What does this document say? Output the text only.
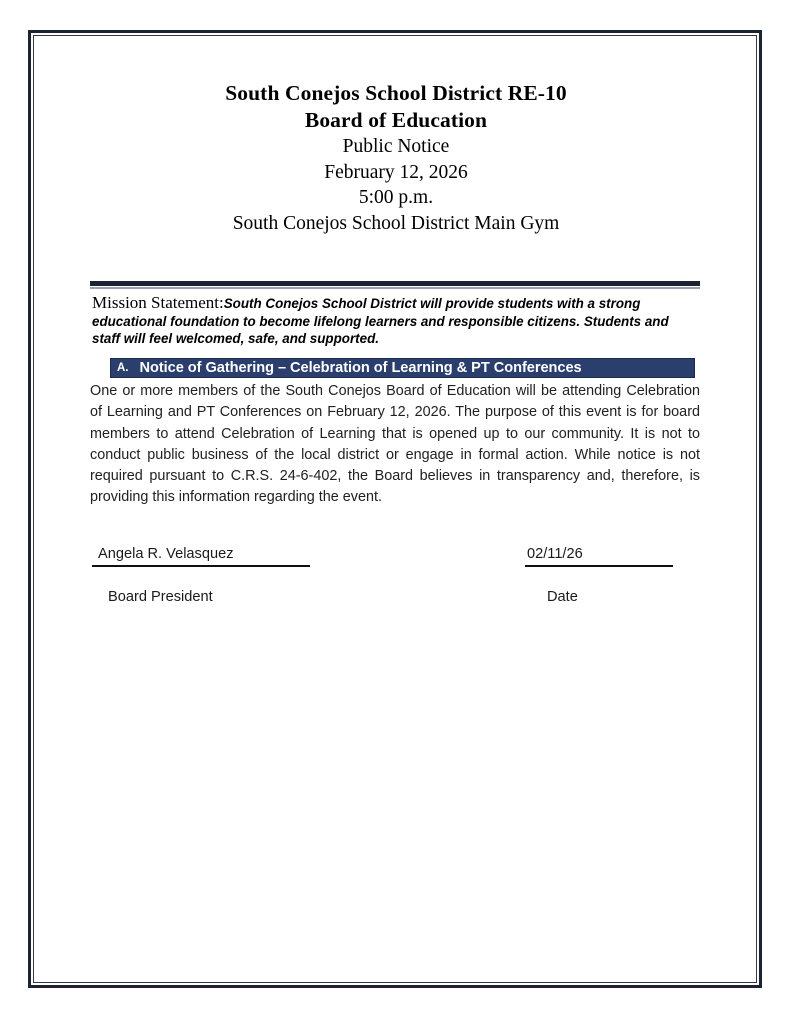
South Conejos School District RE-10
Board of Education
Public Notice
February 12, 2026
5:00 p.m.
South Conejos School District Main Gym
Mission Statement:South Conejos School District will provide students with a strong educational foundation to become lifelong learners and responsible citizens. Students and staff will feel welcomed, safe, and supported.
A. Notice of Gathering – Celebration of Learning & PT Conferences
One or more members of the South Conejos Board of Education will be attending Celebration of Learning and PT Conferences on February 12, 2026. The purpose of this event is for board members to attend Celebration of Learning that is opened up to our community. It is not to conduct public business of the local district or engage in formal action. While notice is not required pursuant to C.R.S. 24-6-402, the Board believes in transparency and, therefore, is providing this information regarding the event.
Angela R. Velasquez
Board President
02/11/26
Date
